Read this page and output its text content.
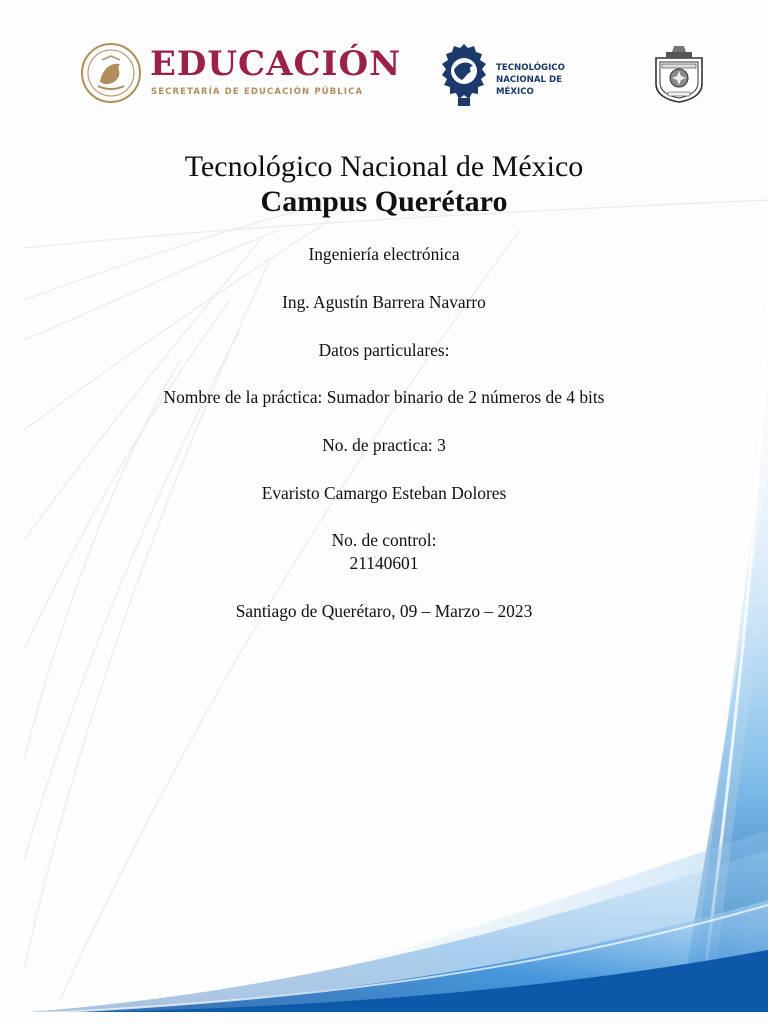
EDUCACIÓN
SECRETARÍA DE EDUCACIÓN PÚBLICA
TECNOLÓGICO
NACIONAL DE MÉXICO
Tecnológico Nacional de México
Campus Querétaro
Ingeniería electrónica
Ing. Agustín Barrera Navarro
Datos particulares:
Nombre de la práctica: Sumador binario de 2 números de 4 bits
No. de practica: 3
Evaristo Camargo Esteban Dolores
No. de control:
21140601
Santiago de Querétaro, 09 – Marzo – 2023
